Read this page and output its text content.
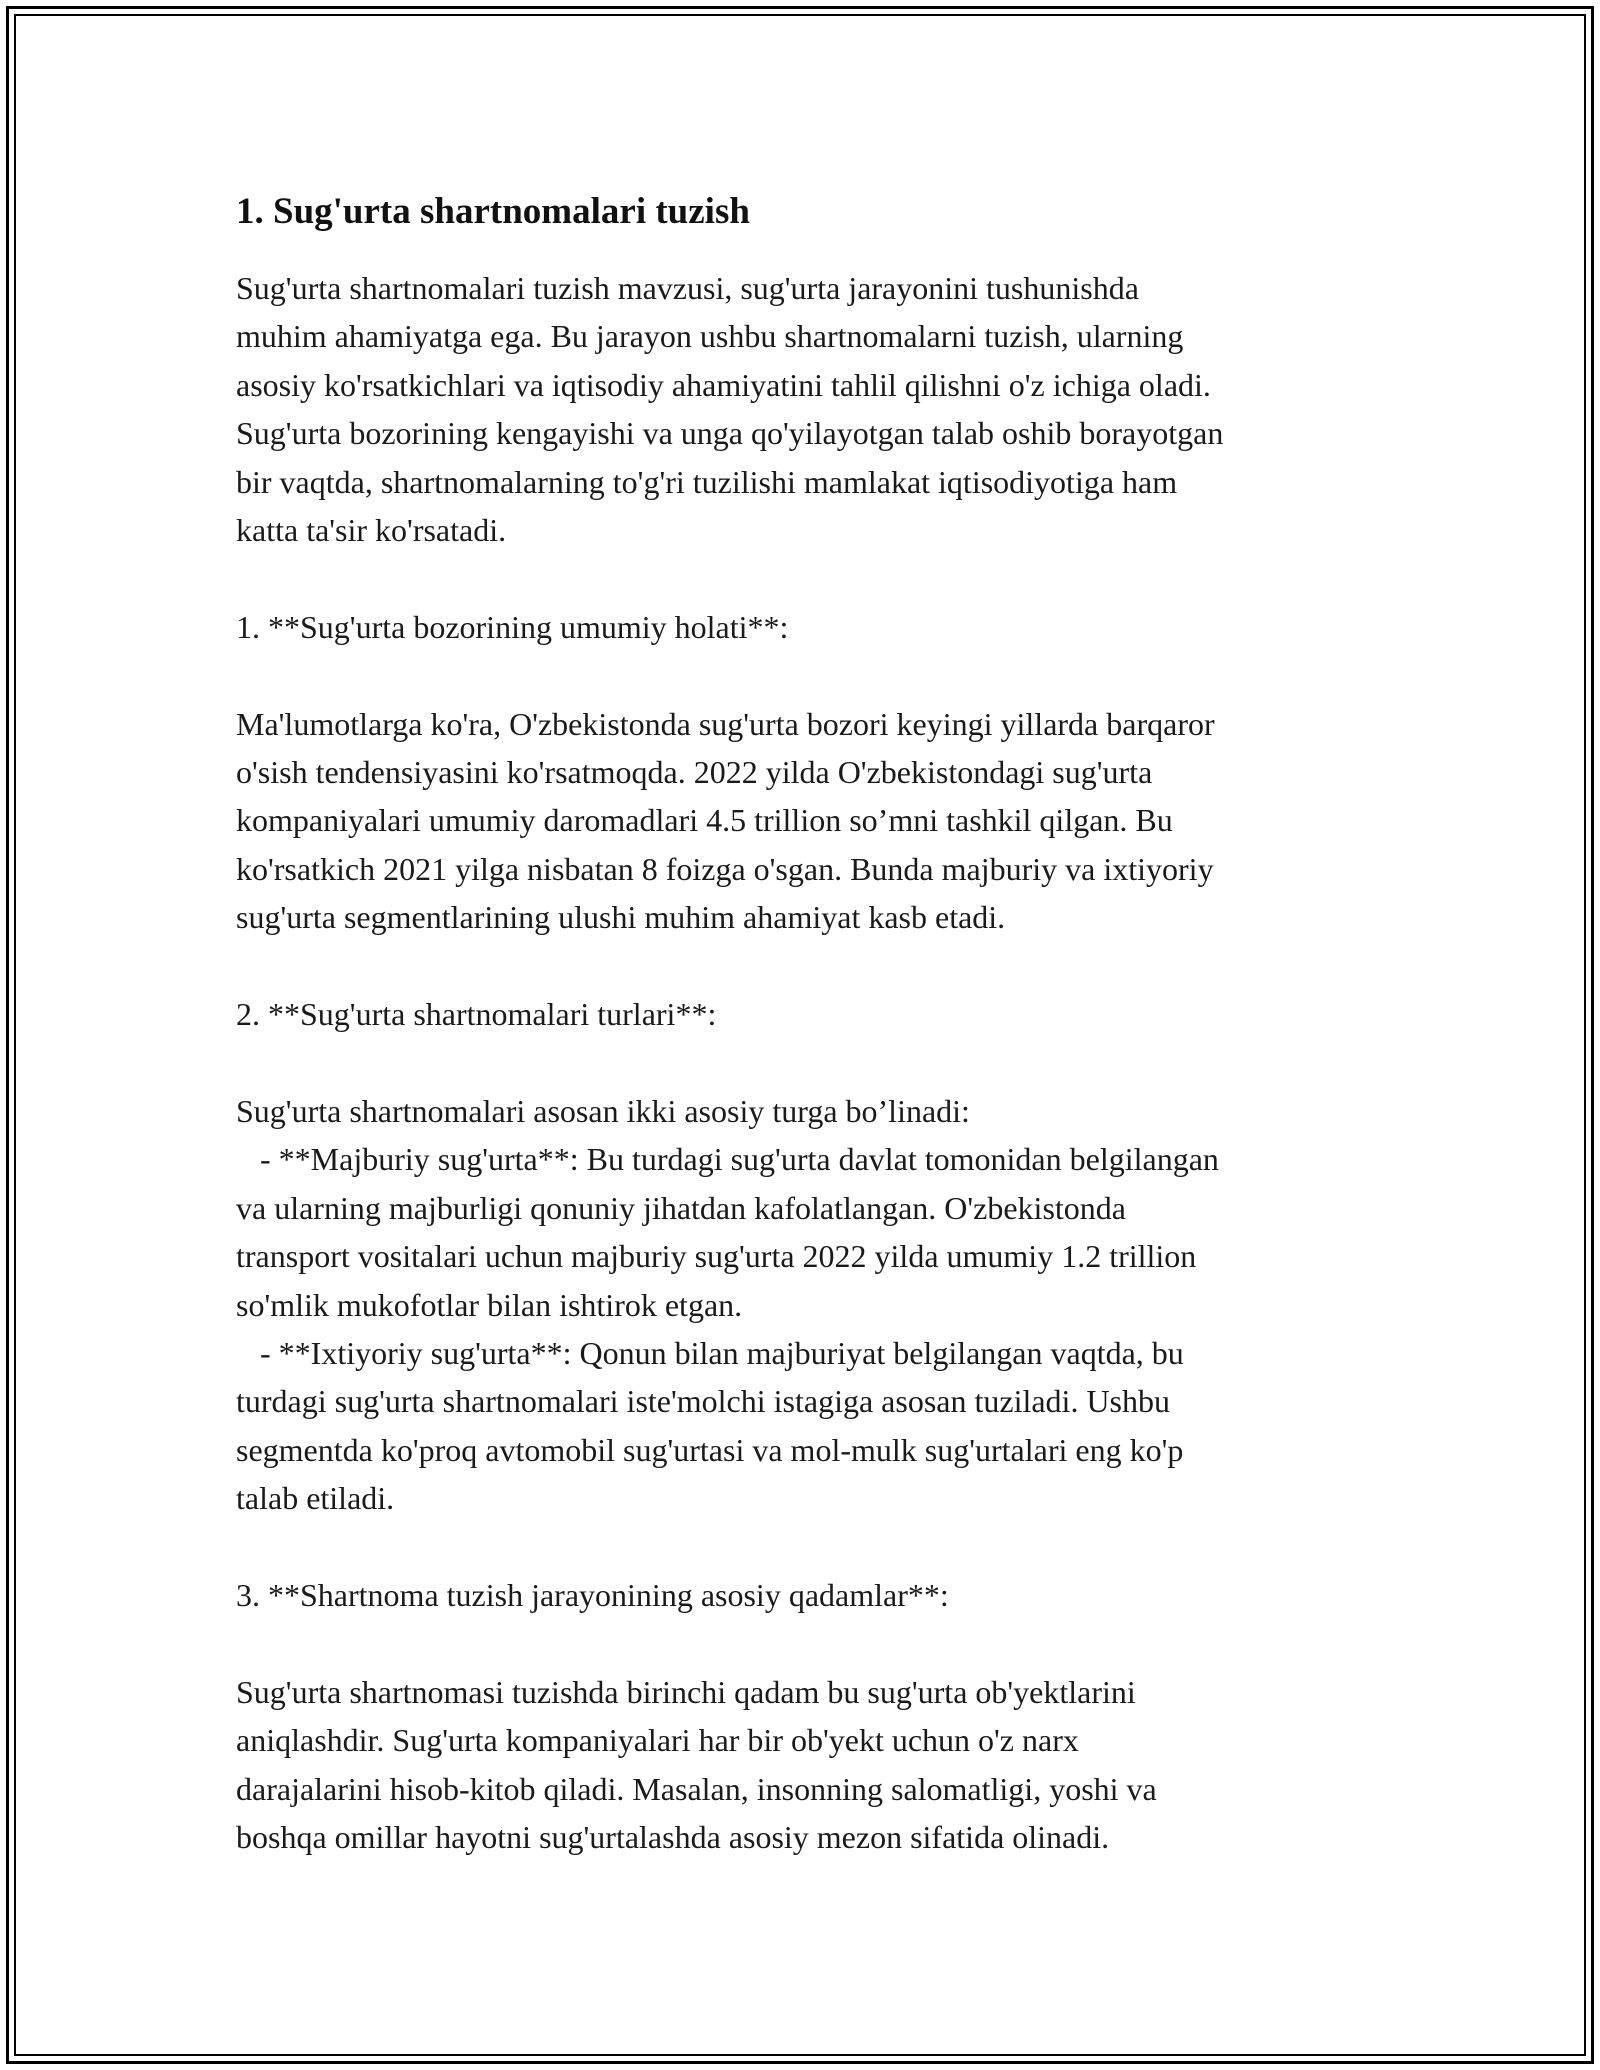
1. Sug'urta shartnomalari tuzish

Sug'urta shartnomalari tuzish mavzusi, sug'urta jarayonini tushunishda
muhim ahamiyatga ega. Bu jarayon ushbu shartnomalarni tuzish, ularning
asosiy ko'rsatkichlari va iqtisodiy ahamiyatini tahlil qilishni o'z ichiga oladi.
Sug'urta bozorining kengayishi va unga qo'yilayotgan talab oshib borayotgan
bir vaqtda, shartnomalarning to'g'ri tuzilishi mamlakat iqtisodiyotiga ham
katta ta'sir ko'rsatadi.

1. **Sug'urta bozorining umumiy holati**:

Ma'lumotlarga ko'ra, O'zbekistonda sug'urta bozori keyingi yillarda barqaror
o'sish tendensiyasini ko'rsatmoqda. 2022 yilda O'zbekistondagi sug'urta
kompaniyalari umumiy daromadlari 4.5 trillion so’mni tashkil qilgan. Bu
ko'rsatkich 2021 yilga nisbatan 8 foizga o'sgan. Bunda majburiy va ixtiyoriy
sug'urta segmentlarining ulushi muhim ahamiyat kasb etadi.

2. **Sug'urta shartnomalari turlari**:

Sug'urta shartnomalari asosan ikki asosiy turga bo’linadi:
- **Majburiy sug'urta**: Bu turdagi sug'urta davlat tomonidan belgilangan
va ularning majburligi qonuniy jihatdan kafolatlangan. O'zbekistonda
transport vositalari uchun majburiy sug'urta 2022 yilda umumiy 1.2 trillion
so'mlik mukofotlar bilan ishtirok etgan.
- **Ixtiyoriy sug'urta**: Qonun bilan majburiyat belgilangan vaqtda, bu
turdagi sug'urta shartnomalari iste'molchi istagiga asosan tuziladi. Ushbu
segmentda ko'proq avtomobil sug'urtasi va mol-mulk sug'urtalari eng ko'p
talab etiladi.

3. **Shartnoma tuzish jarayonining asosiy qadamlar**:

Sug'urta shartnomasi tuzishda birinchi qadam bu sug'urta ob'yektlarini
aniqlashdir. Sug'urta kompaniyalari har bir ob'yekt uchun o'z narx
darajalarini hisob-kitob qiladi. Masalan, insonning salomatligi, yoshi va
boshqa omillar hayotni sug'urtalashda asosiy mezon sifatida olinadi.
